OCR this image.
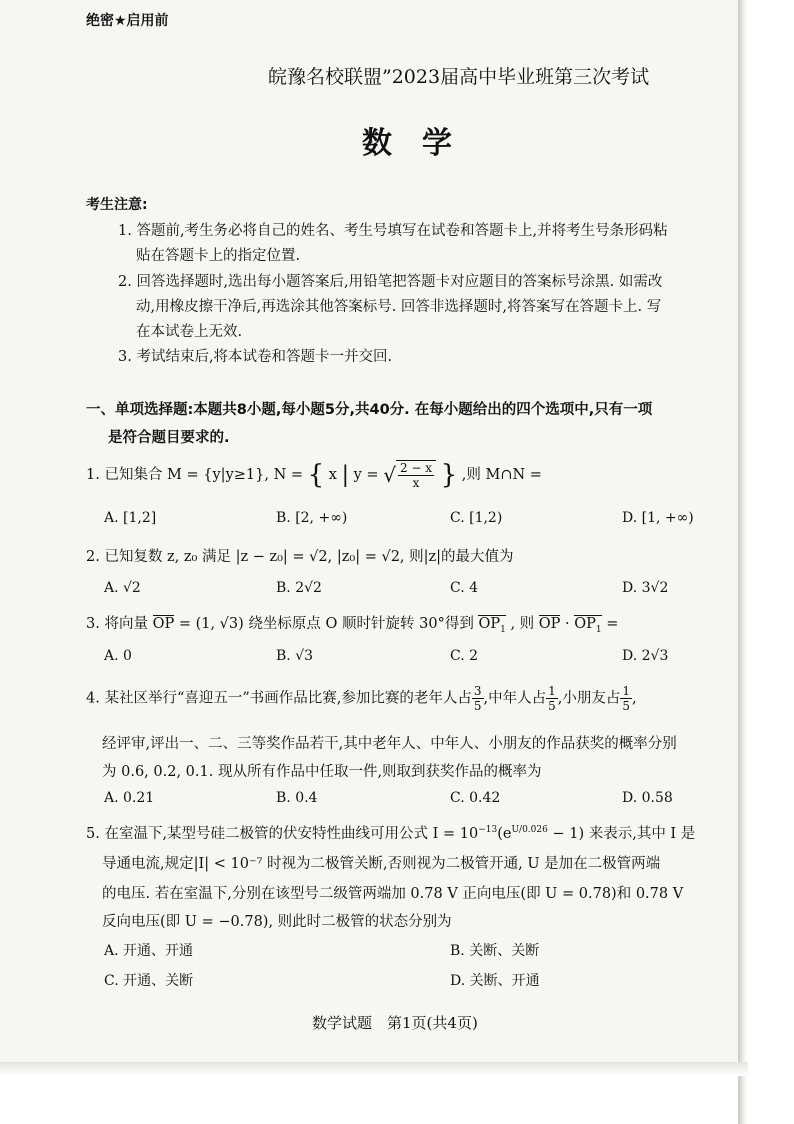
绝密★启用前
皖豫名校联盟”2023届高中毕业班第三次考试
数学
考生注意:
1. 答题前,考生务必将自己的姓名、考生号填写在试卷和答题卡上,并将考生号条形码粘
贴在答题卡上的指定位置.
2. 回答选择题时,选出每小题答案后,用铅笔把答题卡对应题目的答案标号涂黑. 如需改
动,用橡皮擦干净后,再选涂其他答案标号. 回答非选择题时,将答案写在答题卡上. 写
在本试卷上无效.
3. 考试结束后,将本试卷和答题卡一并交回.
一、单项选择题:本题共8小题,每小题5分,共40分. 在每小题给出的四个选项中,只有一项
是符合题目要求的.
1. 已知集合 M = {y|y≥1}, N = { x | y = √ $\frac{2 - x}{x}$ } ,则 M∩N =
A. [1,2]	B. [2, +∞)	C. [1,2)	D. [1, +∞)
2. 已知复数 z, z₀ 满足 |z − z₀| = √2, |z₀| = √2, 则|z|的最大值为
A. √2	B. 2√2	C. 4	D. 3√2
3. 将向量 OP = (1, √3) 绕坐标原点 O 顺时针旋转 30°得到 $OP_1$ , 则 OP · $OP_1$ =
A. 0	B. √3	C. 2	D. 2√3
4. 某社区举行“喜迎五一”书画作品比赛,参加比赛的老年人占 $\frac{3}{5}$ ,中年人占 $\frac{1}{5}$ ,小朋友占 $\frac{1}{5}$ ,
经评审,评出一、二、三等奖作品若干,其中老年人、中年人、小朋友的作品获奖的概率分别
为 0.6, 0.2, 0.1. 现从所有作品中任取一件,则取到获奖作品的概率为
A. 0.21	B. 0.4	C. 0.42	D. 0.58
5. 在室温下,某型号硅二极管的伏安特性曲线可用公式 $I = 10^{-13}(e^{U/0.026} - 1)$ 来表示,其中 I 是
导通电流,规定|I| < 10⁻⁷ 时视为二极管关断,否则视为二极管开通, U 是加在二极管两端
的电压. 若在室温下,分别在该型号二级管两端加 0.78 V 正向电压(即 U = 0.78)和 0.78 V
反向电压(即 U = −0.78), 则此时二极管的状态分别为
A. 开通、开通	B. 关断、关断
C. 开通、关断	D. 关断、开通
数学试题　第1页(共4页)
